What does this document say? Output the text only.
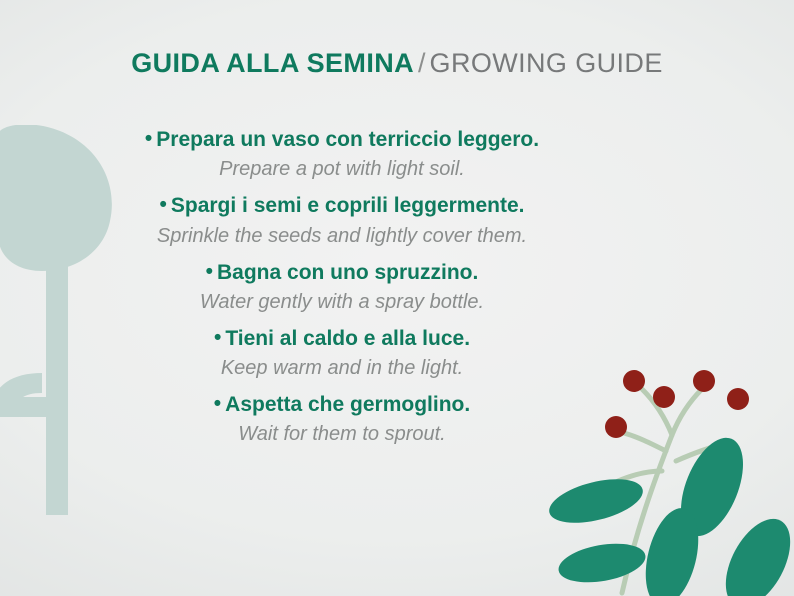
GUIDA ALLA SEMINA / GROWING GUIDE
• Prepara un vaso con terriccio leggero.
Prepare a pot with light soil.
• Spargi i semi e coprili leggermente.
Sprinkle the seeds and lightly cover them.
• Bagna con uno spruzzino.
Water gently with a spray bottle.
• Tieni al caldo e alla luce.
Keep warm and in the light.
• Aspetta che germoglino.
Wait for them to sprout.
